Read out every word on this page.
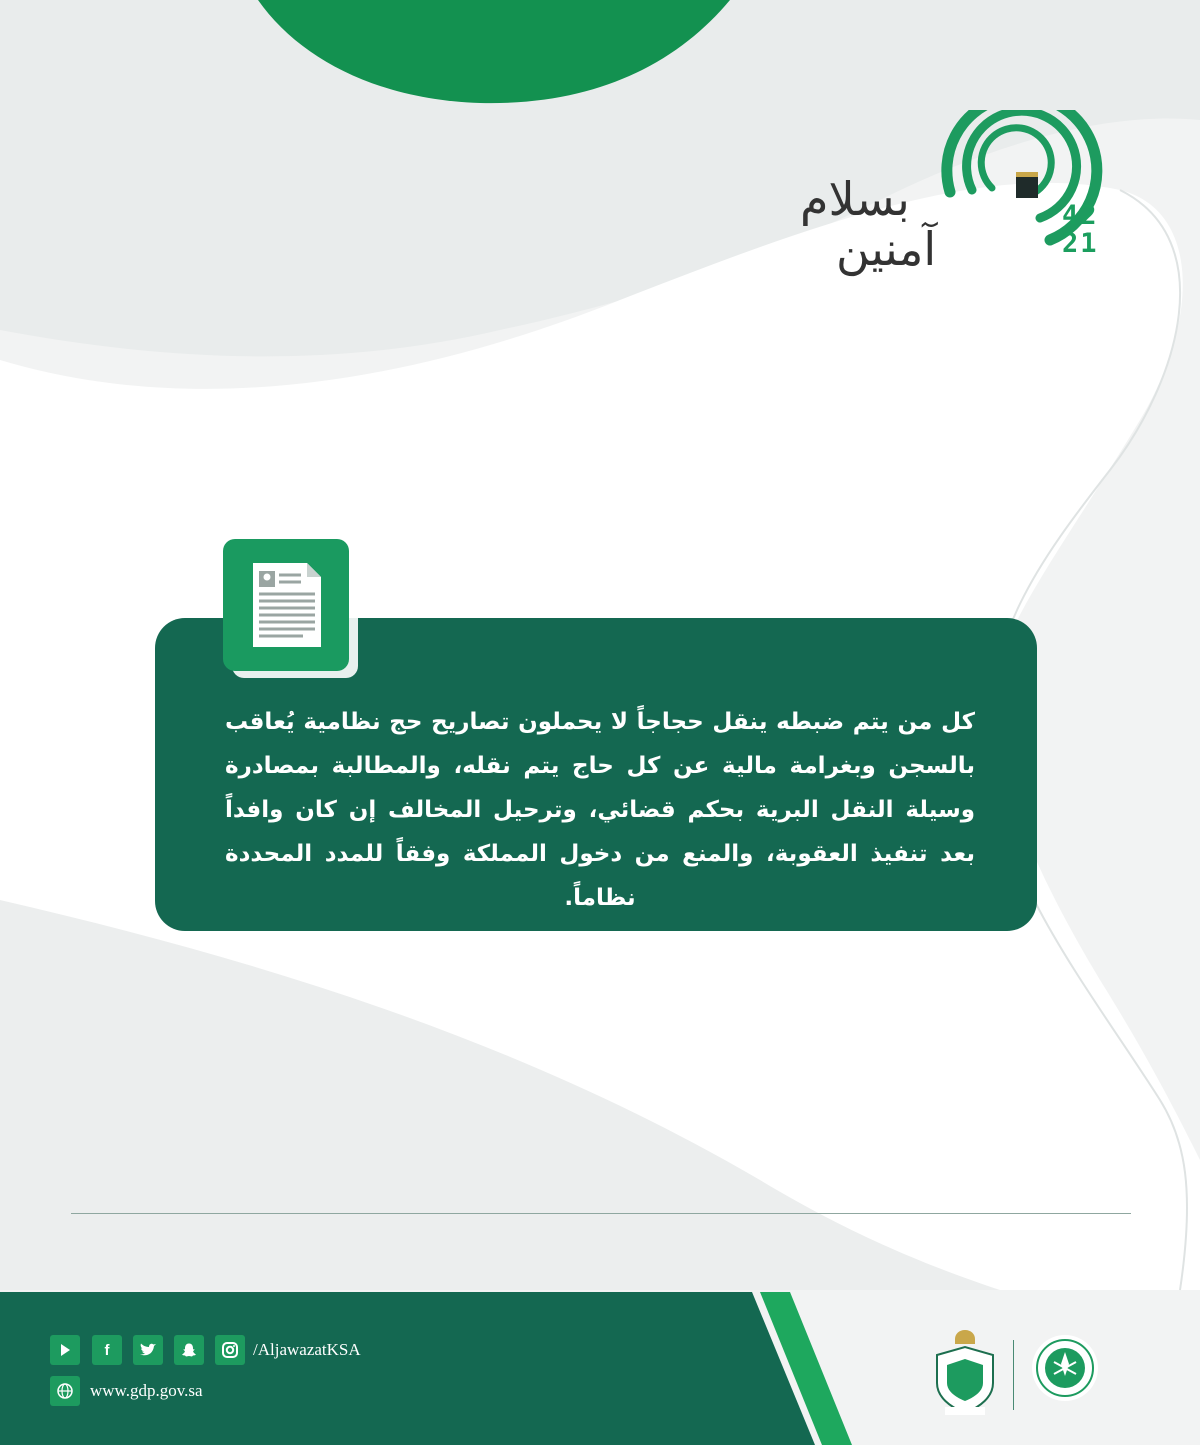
بسلام
آمنين
42
21
كل من يتم ضبطه ينقل حجاجاً لا يحملون تصاريح حج نظامية يُعاقب بالسجن وبغرامة مالية عن كل حاج يتم نقله، والمطالبة بمصادرة وسيلة النقل البرية بحكم قضائي، وترحيل المخالف إن كان وافداً بعد تنفيذ العقوبة، والمنع من دخول المملكة وفقاً للمدد المحددة نظاماً.
f	/AljawazatKSA
www.gdp.gov.sa
